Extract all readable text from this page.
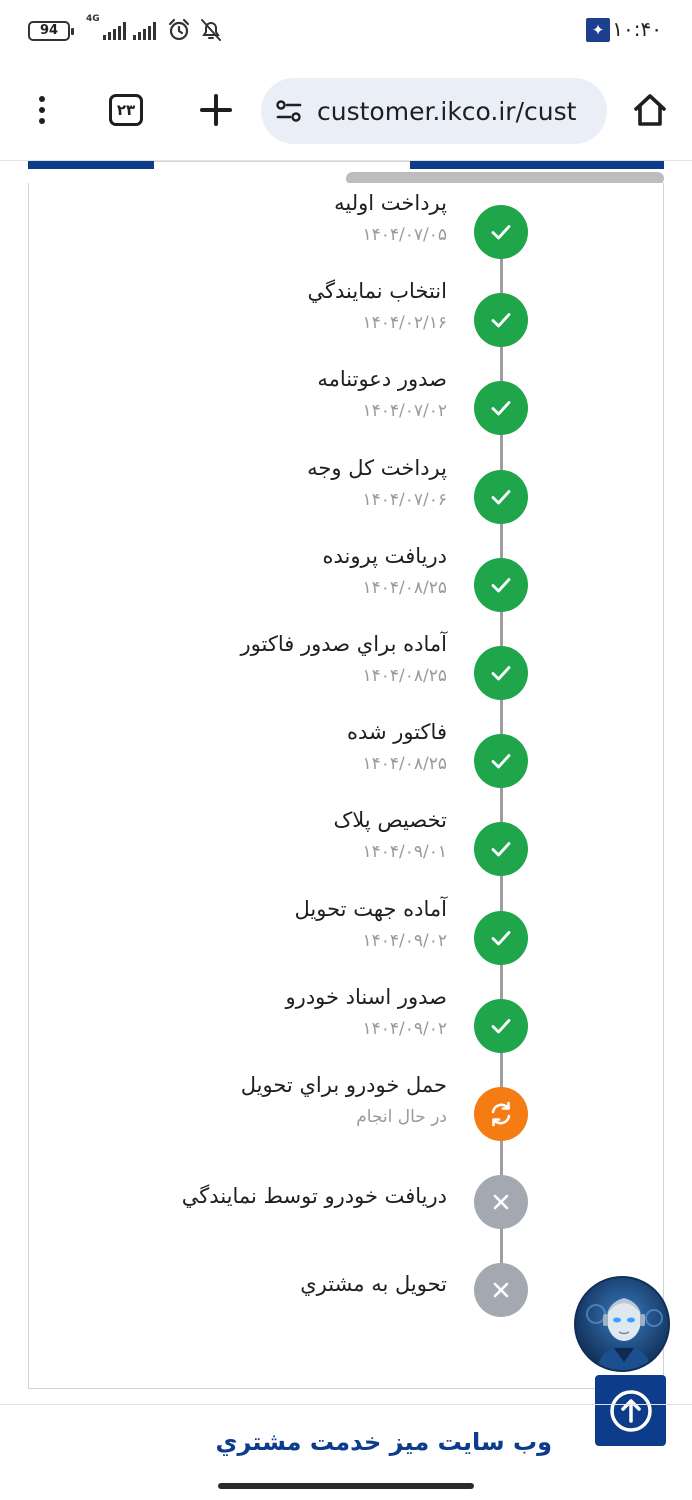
94
4G
✦ ۱۰:۴۰
۲۳	customer.ikco.ir/cust
پرداخت اوليه
۱۴۰۴/۰۷/۰۵
انتخاب نمايندگي
۱۴۰۴/۰۲/۱۶
صدور دعوتنامه
۱۴۰۴/۰۷/۰۲
پرداخت كل وجه
۱۴۰۴/۰۷/۰۶
دريافت پرونده
۱۴۰۴/۰۸/۲۵
آماده براي صدور فاكتور
۱۴۰۴/۰۸/۲۵
فاكتور شده
۱۴۰۴/۰۸/۲۵
تخصيص پلاک
۱۴۰۴/۰۹/۰۱
آماده جهت تحويل
۱۴۰۴/۰۹/۰۲
صدور اسناد خودرو
۱۴۰۴/۰۹/۰۲
حمل خودرو براي تحويل
در حال انجام
دريافت خودرو توسط نمايندگي
تحويل به مشتري
وب سايت ميز خدمت مشتري
